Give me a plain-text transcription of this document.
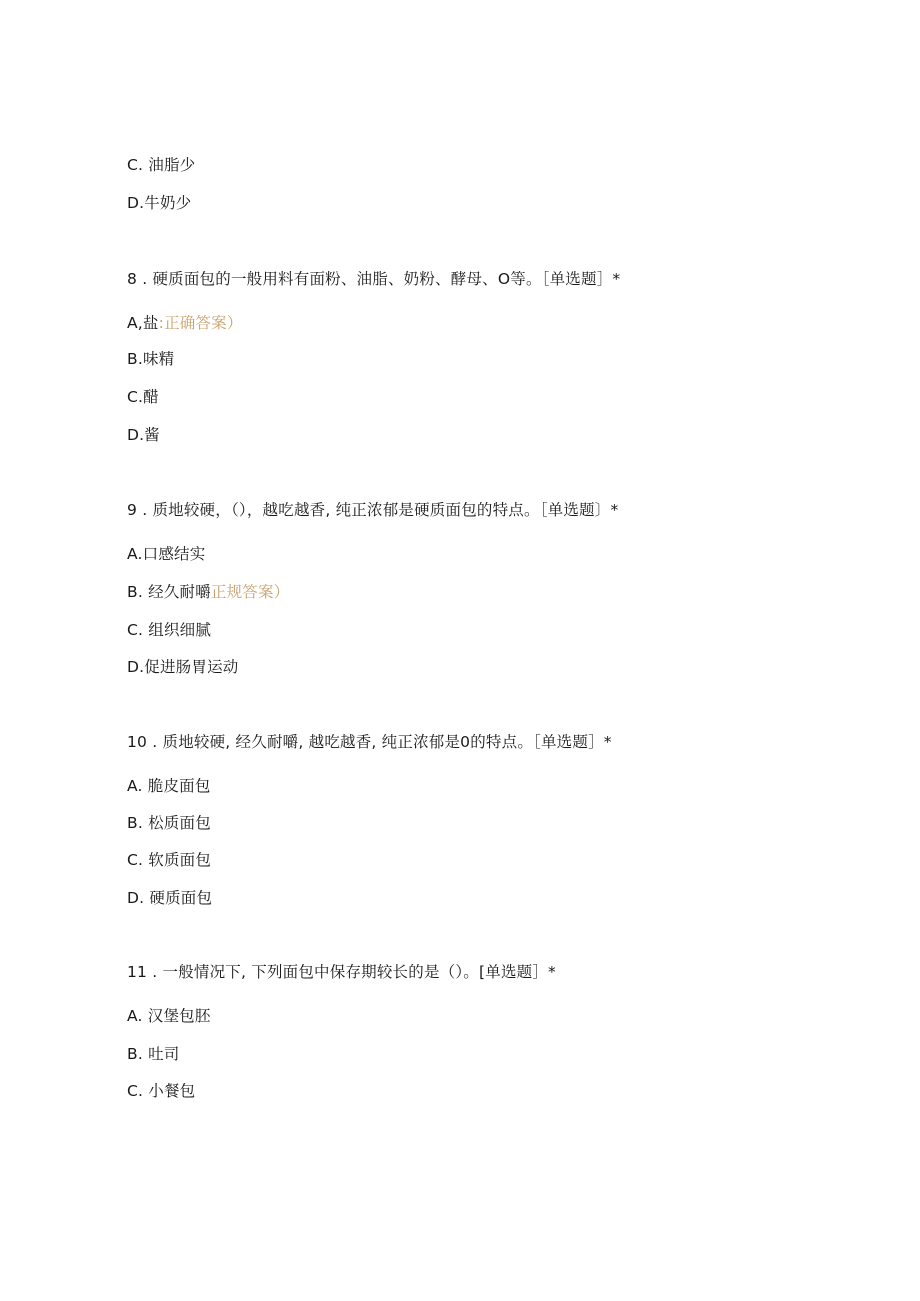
C. 油脂少
D.牛奶少
8 . 硬质面包的一般用料有面粉、油脂、奶粉、酵母、O等。［单选题］*
A,盐:正确答案）
B.味精
C.醋
D.酱
9 . 质地较硬，（），越吃越香, 纯正浓郁是硬质面包的特点。［单选题〕*
A.口感结实
B. 经久耐嚼正规答案）
C. 组织细腻
D.促进肠胃运动
10 . 质地较硬, 经久耐嚼, 越吃越香, 纯正浓郁是0的特点。［单选题］*
A. 脆皮面包
B. 松质面包
C. 软质面包
D. 硬质面包
11 . 一般情况下, 下列面包中保存期较长的是（）。[单选题］*
A. 汉堡包胚
B. 吐司
C. 小餐包
